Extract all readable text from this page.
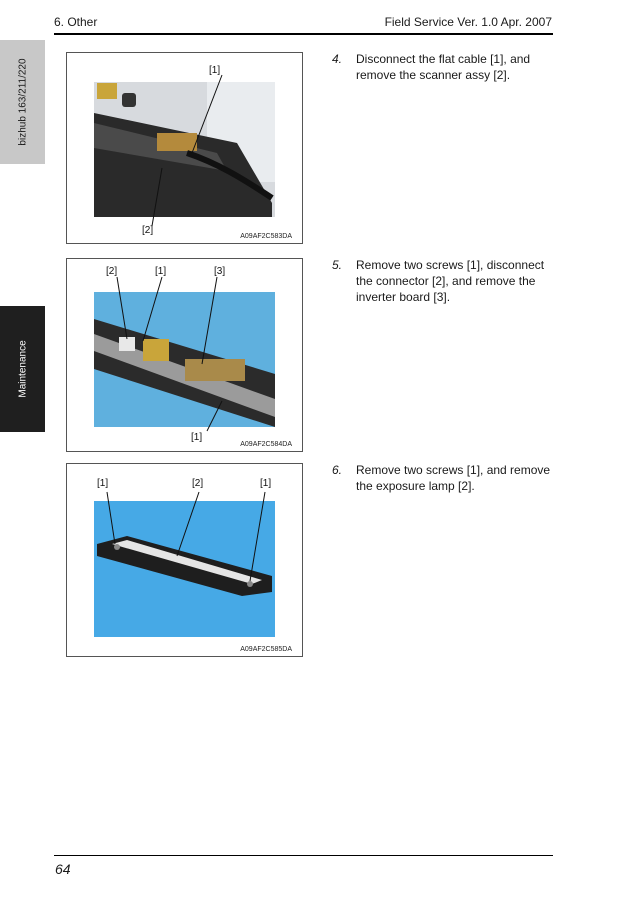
6. Other	Field Service Ver. 1.0 Apr. 2007
bizhub 163/211/220
Maintenance
[1]
[2]
A09AF2C583DA
[2]	[1]	[3]
[1]
A09AF2C584DA
[1]	[2]	[1]
A09AF2C585DA
4. Disconnect the flat cable [1], and remove the scanner assy [2].
5. Remove two screws [1], disconnect the connector [2], and remove the inverter board [3].
6. Remove two screws [1], and remove the exposure lamp [2].
64
